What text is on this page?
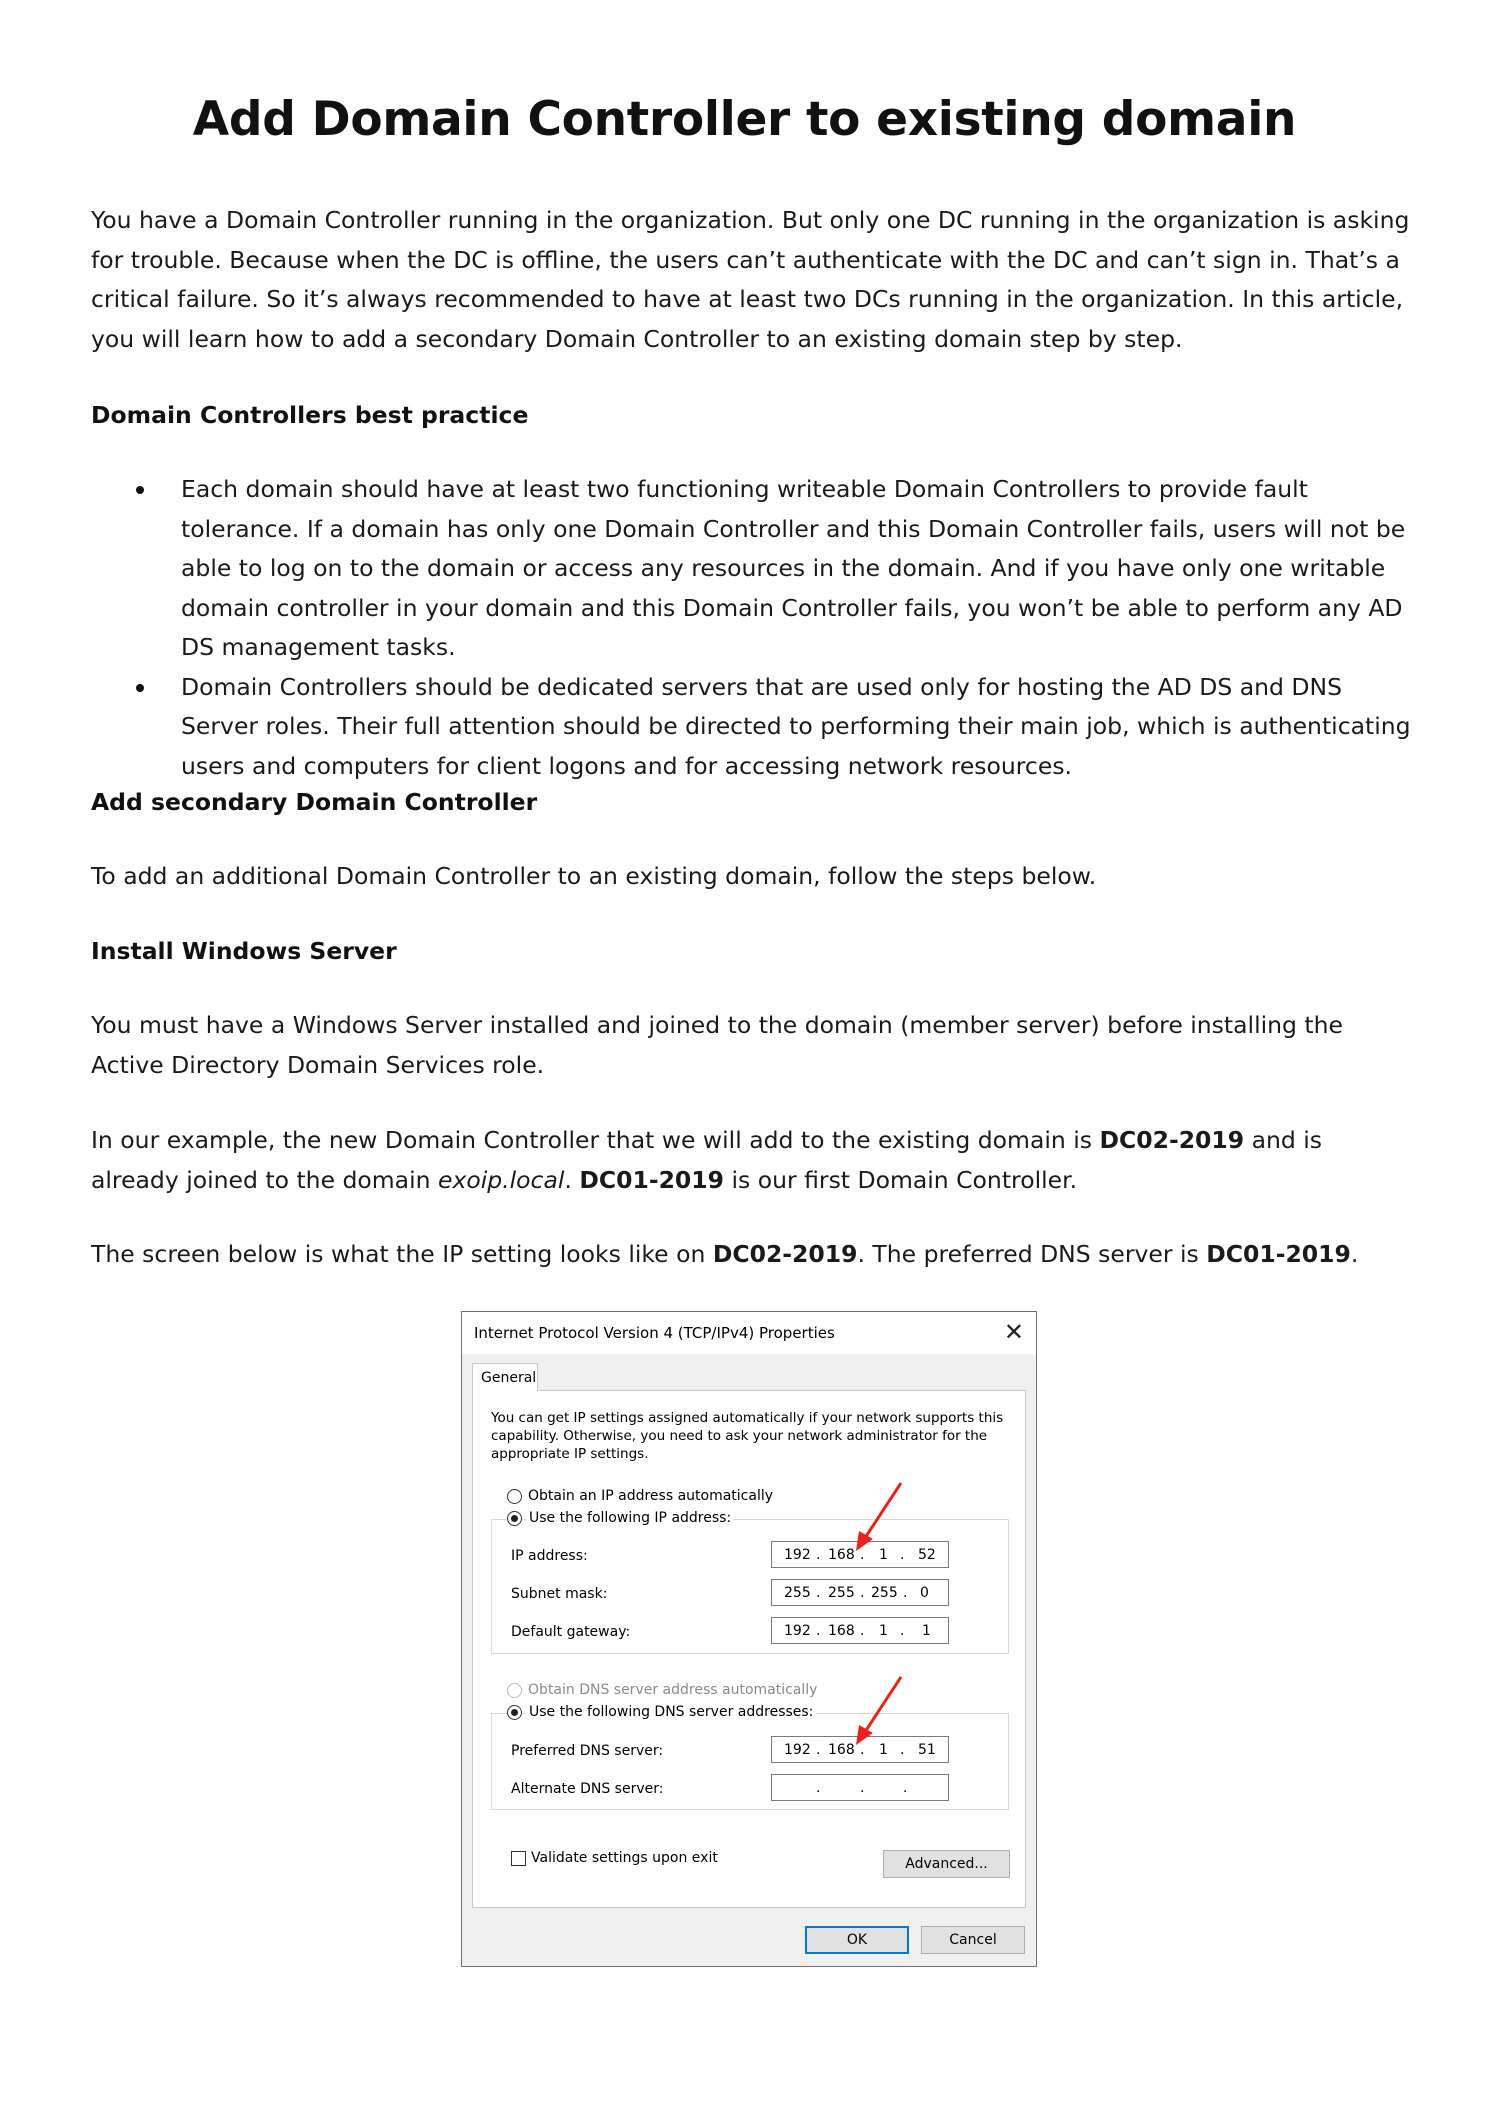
Add Domain Controller to existing domain

You have a Domain Controller running in the organization. But only one DC running in the organization is asking for trouble. Because when the DC is offline, the users can’t authenticate with the DC and can’t sign in. That’s a critical failure. So it’s always recommended to have at least two DCs running in the organization. In this article, you will learn how to add a secondary Domain Controller to an existing domain step by step.

Domain Controllers best practice

Each domain should have at least two functioning writeable Domain Controllers to provide fault tolerance. If a domain has only one Domain Controller and this Domain Controller fails, users will not be able to log on to the domain or access any resources in the domain. And if you have only one writable domain controller in your domain and this Domain Controller fails, you won’t be able to perform any AD DS management tasks.
Domain Controllers should be dedicated servers that are used only for hosting the AD DS and DNS Server roles. Their full attention should be directed to performing their main job, which is authenticating users and computers for client logons and for accessing network resources.

Add secondary Domain Controller

To add an additional Domain Controller to an existing domain, follow the steps below.

Install Windows Server

You must have a Windows Server installed and joined to the domain (member server) before installing the Active Directory Domain Services role.

In our example, the new Domain Controller that we will add to the existing domain is DC02-2019 and is already joined to the domain exoip.local. DC01-2019 is our first Domain Controller.

The screen below is what the IP setting looks like on DC02-2019. The preferred DNS server is DC01-2019.

Internet Protocol Version 4 (TCP/IPv4) Properties	✕
General
You can get IP settings assigned automatically if your network supports this capability. Otherwise, you need to ask your network administrator for the appropriate IP settings.
Obtain an IP address automatically
Use the following IP address:
IP address:	192 . 168 . 1 . 52
Subnet mask:	255 . 255 . 255 . 0
Default gateway:	192 . 168 . 1 . 1
Obtain DNS server address automatically
Use the following DNS server addresses:
Preferred DNS server:	192 . 168 . 1 . 51
Alternate DNS server:	.	.	.
Validate settings upon exit	Advanced...
OK	Cancel
